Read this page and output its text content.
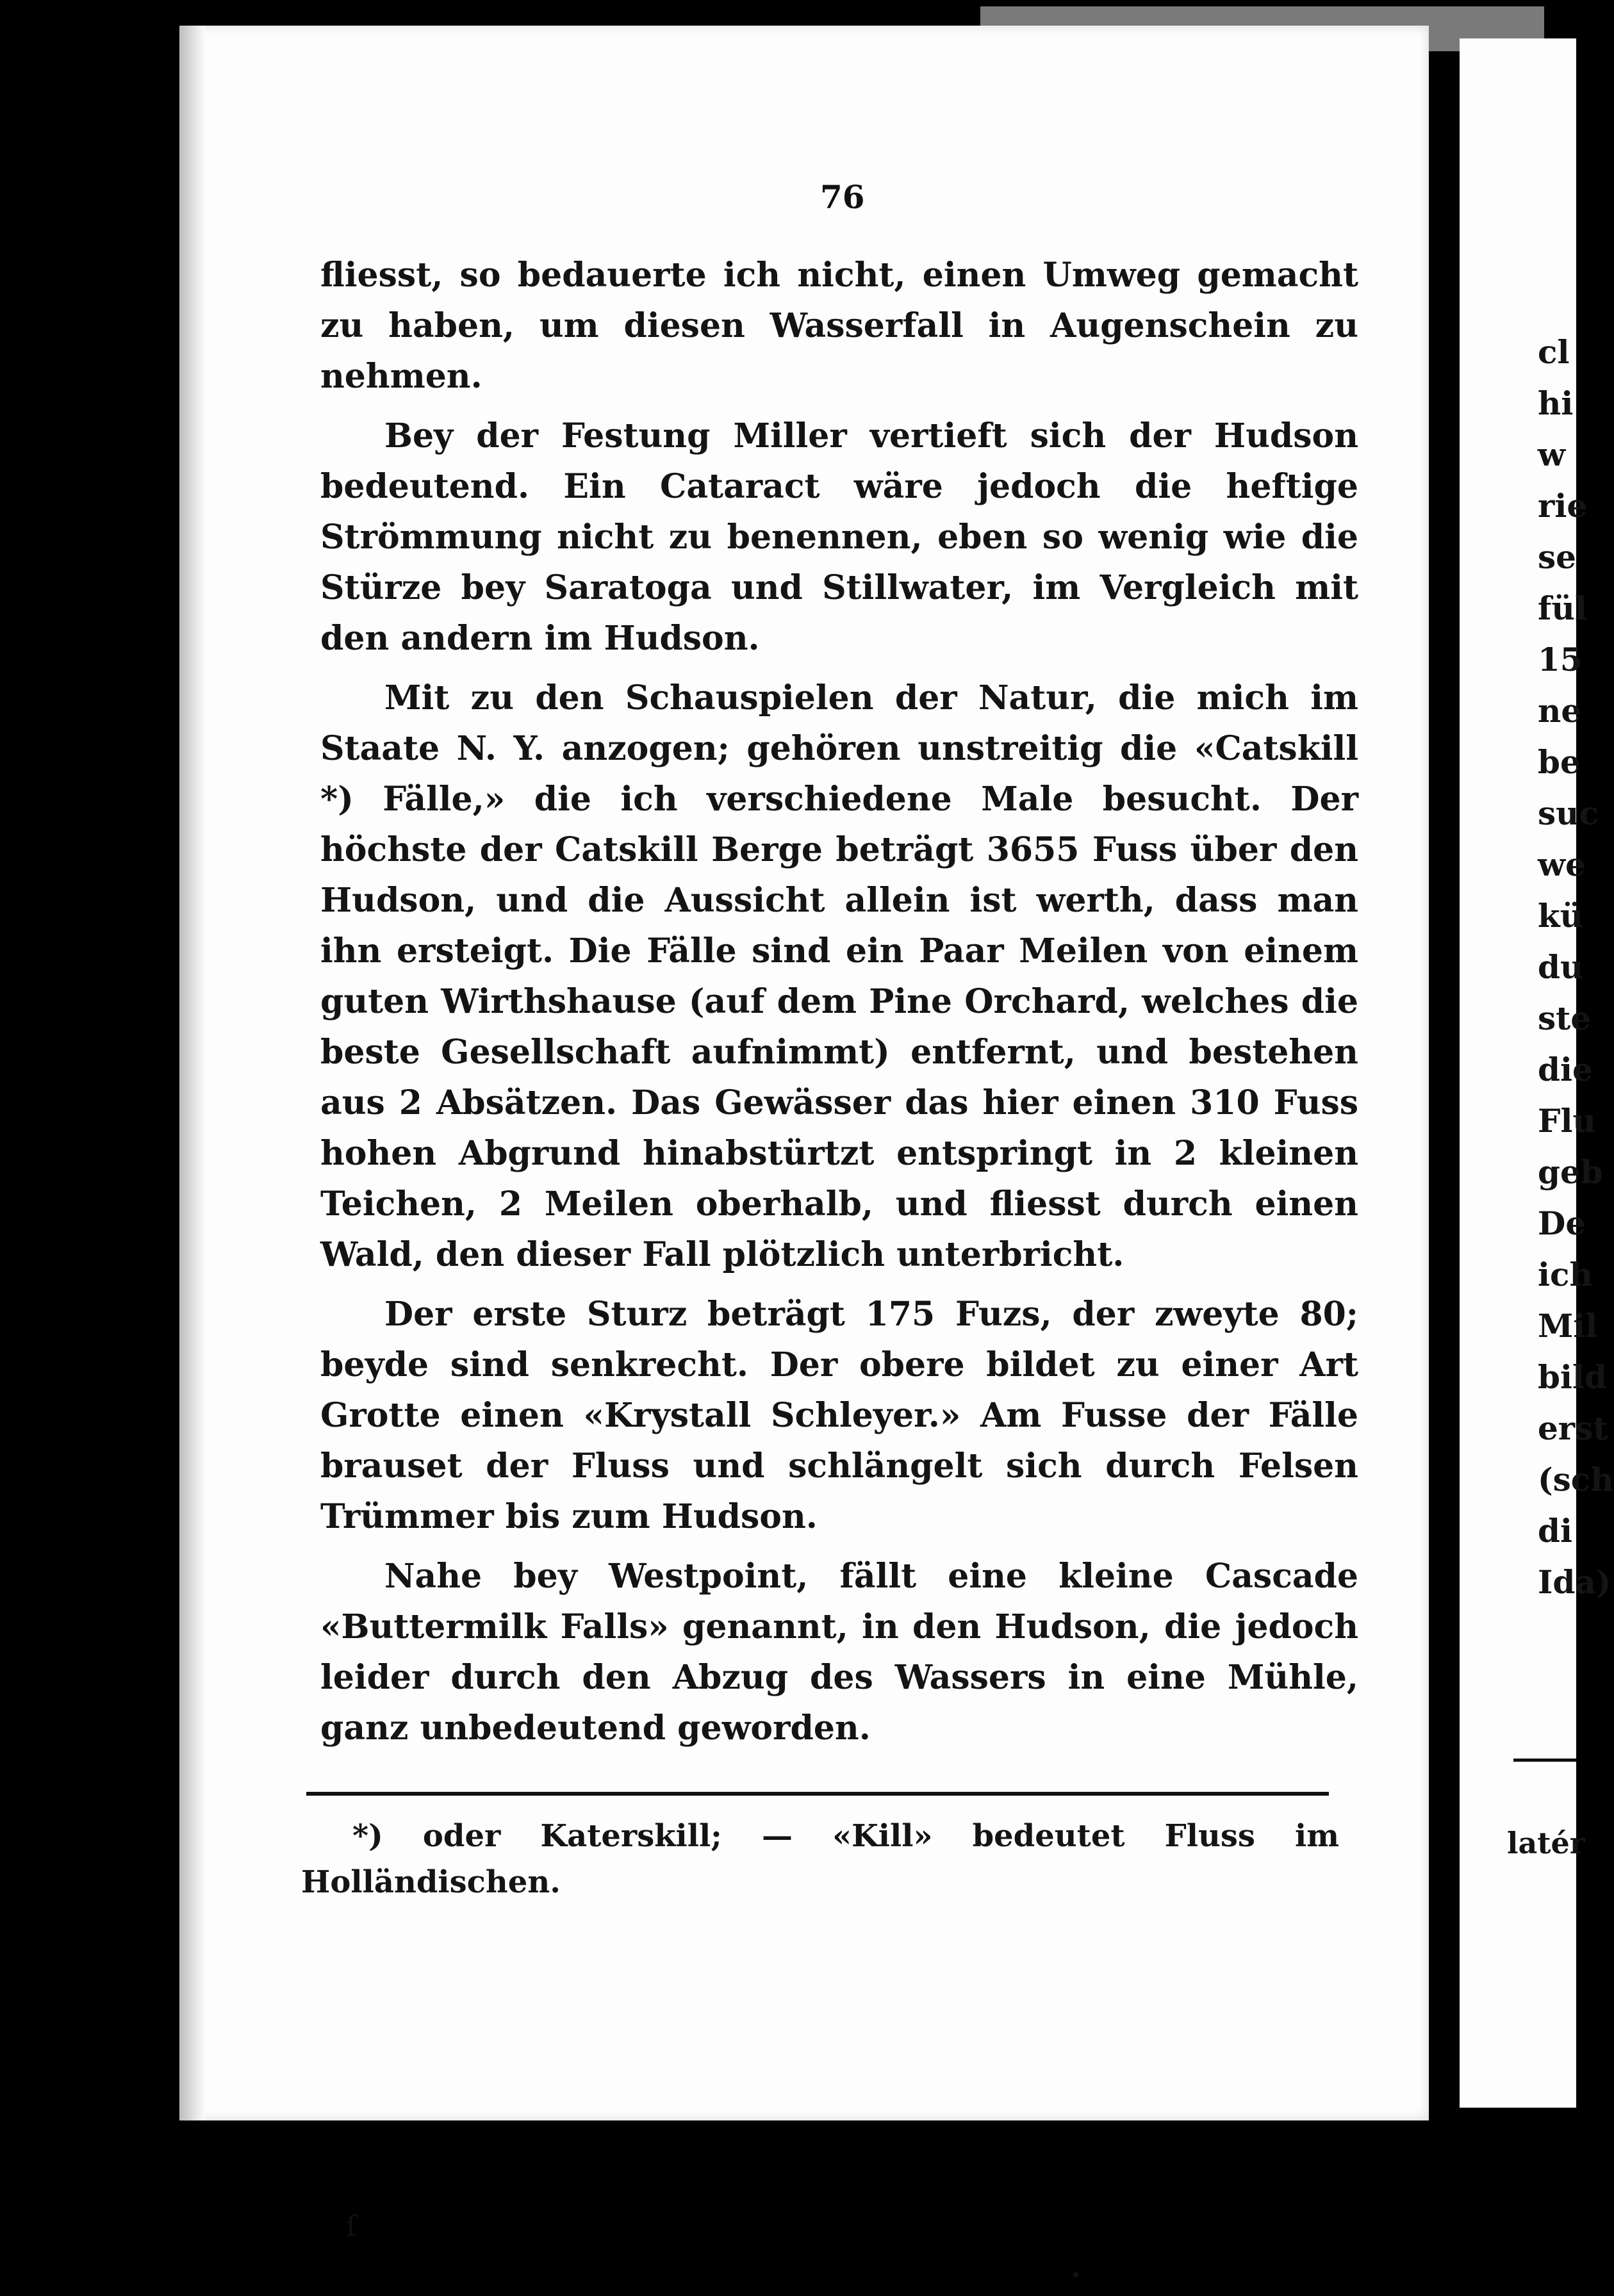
76

fliesst, so bedauerte ich nicht, einen Umweg gemacht zu haben, um diesen Wasserfall in Augenschein zu nehmen.

Bey der Festung Miller vertieft sich der Hudson bedeutend. Ein Cataract wäre jedoch die heftige Strömmung nicht zu benennen, eben so wenig wie die Stürze bey Saratoga und Stillwater, im Vergleich mit den andern im Hudson.

Mit zu den Schauspielen der Natur, die mich im Staate N. Y. anzogen; gehören unstreitig die «Catskill *) Fälle,» die ich verschiedene Male besucht. Der höchste der Catskill Berge beträgt 3655 Fuss über den Hudson, und die Aussicht allein ist werth, dass man ihn ersteigt. Die Fälle sind ein Paar Meilen von einem guten Wirthshause (auf dem Pine Orchard, welches die beste Gesellschaft aufnimmt) entfernt, und bestehen aus 2 Absätzen. Das Gewässer das hier einen 310 Fuss hohen Abgrund hinabstürtzt entspringt in 2 kleinen Teichen, 2 Meilen oberhalb, und fliesst durch einen Wald, den dieser Fall plötzlich unterbricht.

Der erste Sturz beträgt 175 Fuzs, der zweyte 80; beyde sind senkrecht. Der obere bildet zu einer Art Grotte einen «Krystall Schleyer.» Am Fusse der Fälle brauset der Fluss und schlängelt sich durch Felsen Trümmer bis zum Hudson.

Nahe bey Westpoint, fällt eine kleine Cascade «Buttermilk Falls» genannt, in den Hudson, die jedoch leider durch den Abzug des Wassers in eine Mühle, ganz unbedeutend geworden.

*) oder Katerskill; — «Kill» bedeutet Fluss im Holländischen.
cl
hi
w
rie
se
fül
15
ne
be
suc
we
kü
du
ste
die
Flu
geb
De
ich
Mil
bild
erst
(sch
di
Ida)
latér
ſ
•
